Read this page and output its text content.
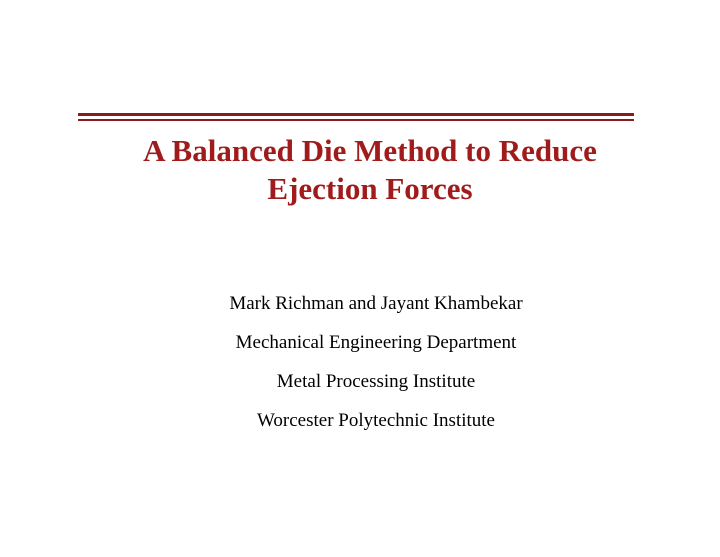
A Balanced Die Method to Reduce
Ejection Forces
Mark Richman and Jayant Khambekar
Mechanical Engineering Department
Metal Processing Institute
Worcester Polytechnic Institute
